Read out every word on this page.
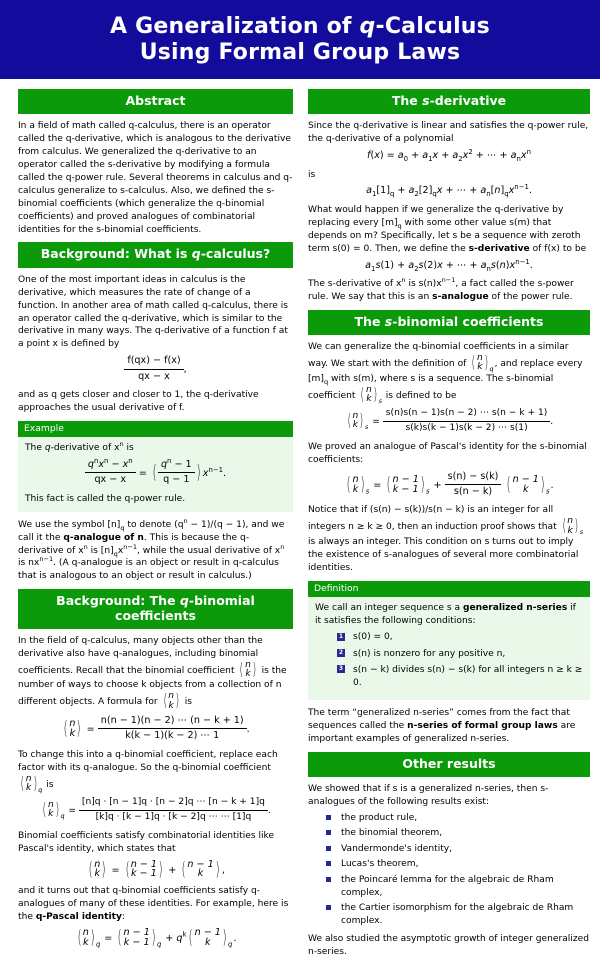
A Generalization of q-Calculus
Using Formal Group Laws
Abstract

In a field of math called q-calculus, there is an operator called the q-derivative, which is analogous to the derivative from calculus. We generalized the q-derivative to an operator called the s-derivative by modifying a formula called the q-power rule. Several theorems in calculus and q-calculus generalize to s-calculus. Also, we defined the s-binomial coefficients (which generalize the q-binomial coefficients) and proved analogues of combinatorial identities for the s-binomial coefficients.

Background: What is q-calculus?

One of the most important ideas in calculus is the derivative, which measures the rate of change of a function. In another area of math called q-calculus, there is an operator called the q-derivative, which is similar to the derivative in many ways. The q-derivative of a function f at a point x is defined by

$\frac{f(qx) - f(x)}{qx - x}$ ,

and as q gets closer and closer to 1, the q-derivative approaches the usual derivative of f.

Example

The q-derivative of $x^n$ is

$\frac{q^nx^n - x^n}{qx - x}$ = ( $\frac{q^n - 1}{q - 1}$ ) $x^{n-1}$.

This fact is called the q-power rule.

We use the symbol $[n]_q$ to denote $(q^n - 1)/(q - 1)$, and we call it the q-analogue of n. This is because the q-derivative of $x^n$ is $[n]_qx^{n-1}$, while the usual derivative of $x^n$ is $nx^{n-1}$. (A q-analogue is an object or result in q-calculus that is analogous to an object or result in calculus.)

Background: The q-binomial coefficients

In the field of q-calculus, many objects other than the derivative also have q-analogues, including binomial coefficients. Recall that the binomial coefficient ( n
k ) is the number of ways to choose k objects from a collection of n different objects. A formula for ( n
k ) is

( n
k ) = $\frac{n(n - 1)(n - 2) \cdots (n - k + 1)}{k(k - 1)(k - 2) \cdots 1}$ .

To change this into a q-binomial coefficient, replace each factor with its q-analogue. So the q-binomial coefficient ( n
k ) $_q$ is

( n
k ) $_q = \frac{[n]q \cdot [n - 1]q \cdot [n - 2]q \cdots [n - k + 1]q}{[k]q \cdot [k - 1]q \cdot [k - 2]q \cdots \cdots [1]q}$ .

Binomial coefficients satisfy combinatorial identities like Pascal's identity, which states that

( n
k ) = ( n − 1
k − 1 ) + ( n − 1
k ) ,

and it turns out that q-binomial coefficients satisfy q-analogues of many of these identities. For example, here is the q-Pascal identity:

( n
k ) $_q$ = ( n − 1
k − 1 ) $_q + q^k$ ( n − 1
k ) $_q$.
The s-derivative

Since the q-derivative is linear and satisfies the q-power rule, the q-derivative of a polynomial

$f(x) = a_0 + a_1x + a_2x^2$ + ⋯ + $a_nx^n$

is

$a_1[1]_q + a_2[2]_qx$ + ⋯ + $a_n[n]_qx^{n-1}$.

What would happen if we generalize the q-derivative by replacing every $[m]_q$ with some other value s(m) that depends on m? Specifically, let s be a sequence with zeroth term s(0) = 0. Then, we define the s-derivative of f(x) to be

$a_1s(1) + a_2s(2)x$ + ⋯ + $a_ns(n)x^{n-1}$.

The s-derivative of $x^n$ is $s(n)x^{n-1}$, a fact called the s-power rule. We say that this is an s-analogue of the power rule.

The s-binomial coefficients

We can generalize the q-binomial coefficients in a similar way. We start with the definition of ( n
k ) $_q$, and replace every $[m]_q$ with s(m), where s is a sequence. The s-binomial coefficient ( n
k ) $_s$ is defined to be

( n
k ) $_s = \frac{s(n)s(n - 1)s(n - 2) \cdots s(n - k + 1)}{s(k)s(k - 1)s(k - 2) \cdots s(1)}$ .

We proved an analogue of Pascal's identity for the s-binomial coefficients:

( n
k ) $_s$ = ( n − 1
k − 1 ) $_s + \frac{s(n) - s(k)}{s(n - k)}$ ( n − 1
k ) $_s$.

Notice that if (s(n) − s(k))/s(n − k) is an integer for all integers n ≥ k ≥ 0, then an induction proof shows that ( n
k ) $_s$ is always an integer. This condition on s turns out to imply the existence of s-analogues of several more combinatorial identities.

Definition

We call an integer sequence s a generalized n-series if it satisfies the following conditions:

1 s(0) = 0,
2 s(n) is nonzero for any positive n,
3 s(n − k) divides s(n) − s(k) for all integers n ≥ k ≥ 0.

The term “generalized n-series” comes from the fact that sequences called the n-series of formal group laws are important examples of generalized n-series.

Other results

We showed that if s is a generalized n-series, then s-analogues of the following results exist:

the product rule,
the binomial theorem,
Vandermonde's identity,
Lucas's theorem,
the Poincaré lemma for the algebraic de Rham complex,
the Cartier isomorphism for the algebraic de Rham complex.

We also studied the asymptotic growth of integer generalized n-series.
